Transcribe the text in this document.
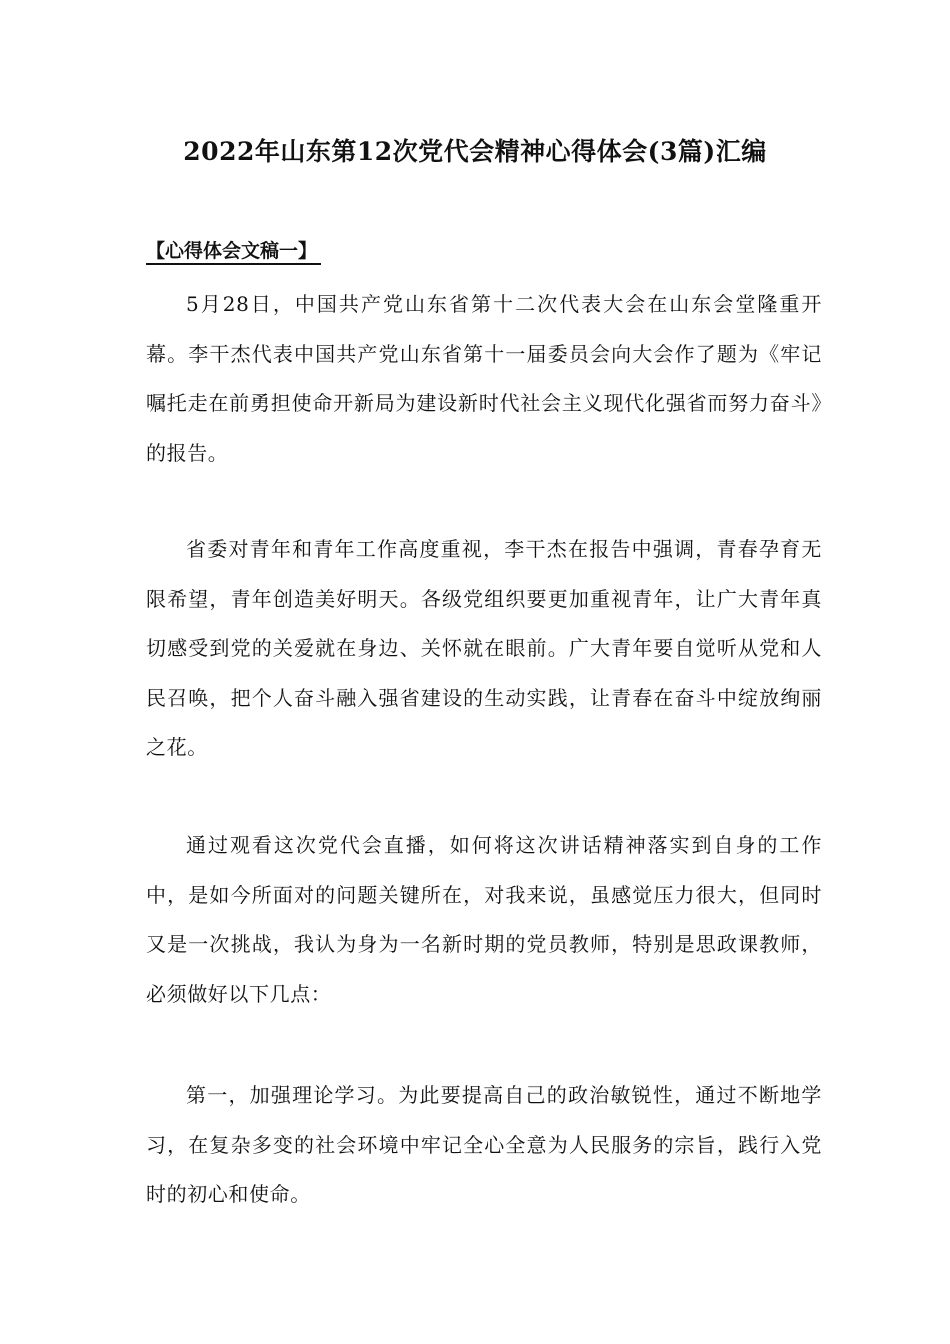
2022年山东第12次党代会精神心得体会(3篇)汇编
【心得体会文稿一】

5月28日，中国共产党山东省第十二次代表大会在山东会堂隆重开幕。李干杰代表中国共产党山东省第十一届委员会向大会作了题为《牢记嘱托走在前勇担使命开新局为建设新时代社会主义现代化强省而努力奋斗》的报告。

省委对青年和青年工作高度重视，李干杰在报告中强调，青春孕育无限希望，青年创造美好明天。各级党组织要更加重视青年，让广大青年真切感受到党的关爱就在身边、关怀就在眼前。广大青年要自觉听从党和人民召唤，把个人奋斗融入强省建设的生动实践，让青春在奋斗中绽放绚丽之花。

通过观看这次党代会直播，如何将这次讲话精神落实到自身的工作中，是如今所面对的问题关键所在，对我来说，虽感觉压力很大，但同时又是一次挑战，我认为身为一名新时期的党员教师，特别是思政课教师，必须做好以下几点：

第一，加强理论学习。为此要提高自己的政治敏锐性，通过不断地学习，在复杂多变的社会环境中牢记全心全意为人民服务的宗旨，践行入党时的初心和使命。
